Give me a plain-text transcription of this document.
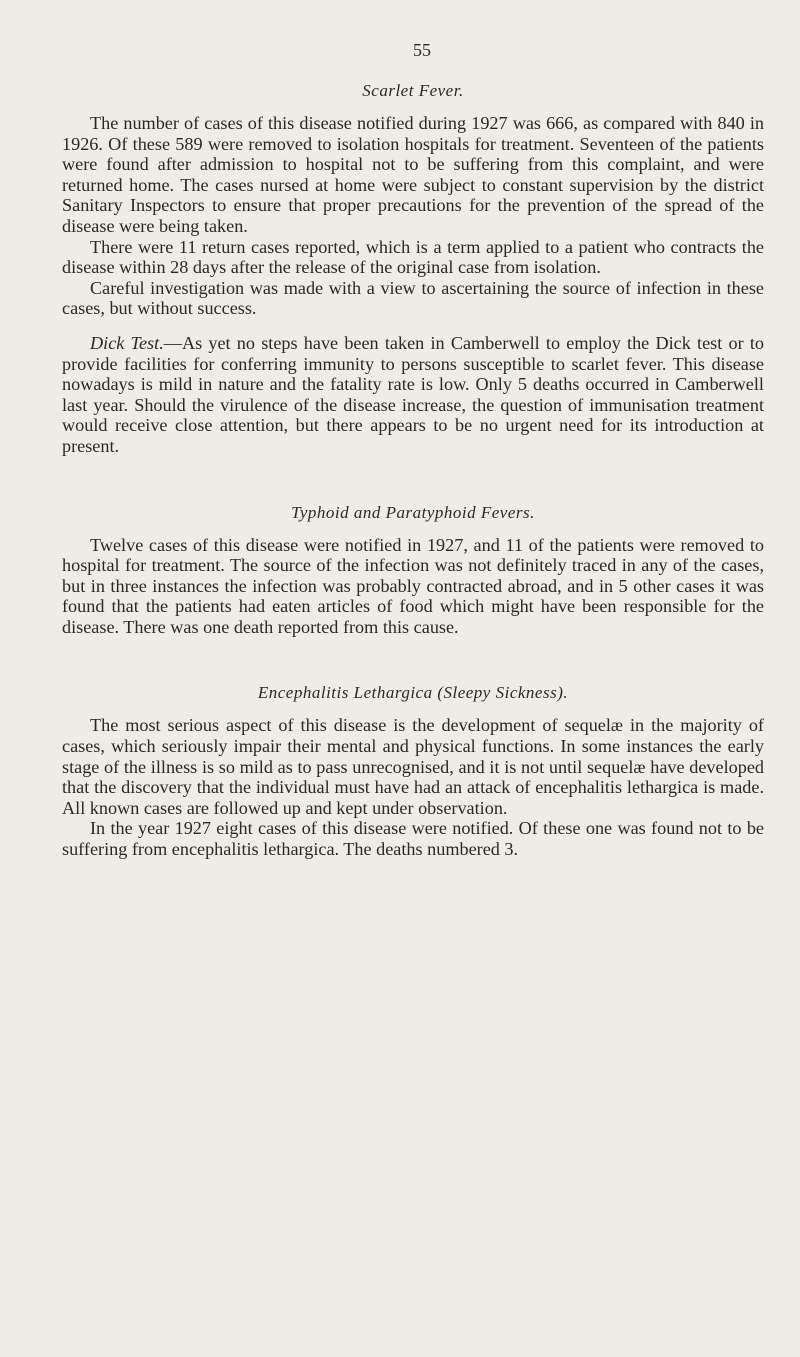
55
Scarlet Fever.

The number of cases of this disease notified during 1927 was 666, as compared with 840 in 1926. Of these 589 were removed to isolation hospitals for treatment. Seventeen of the patients were found after admission to hospital not to be suffering from this complaint, and were returned home. The cases nursed at home were subject to constant supervision by the district Sanitary Inspectors to ensure that proper precautions for the prevention of the spread of the disease were being taken.

There were 11 return cases reported, which is a term applied to a patient who contracts the disease within 28 days after the release of the original case from isolation.

Careful investigation was made with a view to ascertaining the source of infection in these cases, but without success.

Dick Test.—As yet no steps have been taken in Camberwell to employ the Dick test or to provide facilities for conferring immunity to persons susceptible to scarlet fever. This disease nowadays is mild in nature and the fatality rate is low. Only 5 deaths occurred in Camberwell last year. Should the virulence of the disease increase, the question of immunisation treatment would receive close attention, but there appears to be no urgent need for its introduction at present.

Typhoid and Paratyphoid Fevers.

Twelve cases of this disease were notified in 1927, and 11 of the patients were removed to hospital for treatment. The source of the infection was not definitely traced in any of the cases, but in three instances the infection was probably contracted abroad, and in 5 other cases it was found that the patients had eaten articles of food which might have been responsible for the disease. There was one death reported from this cause.

Encephalitis Lethargica (Sleepy Sickness).

The most serious aspect of this disease is the development of sequelæ in the majority of cases, which seriously impair their mental and physical functions. In some instances the early stage of the illness is so mild as to pass unrecognised, and it is not until sequelæ have developed that the discovery that the individual must have had an attack of encephalitis lethargica is made. All known cases are followed up and kept under observation.

In the year 1927 eight cases of this disease were notified. Of these one was found not to be suffering from encephalitis lethargica. The deaths numbered 3.
